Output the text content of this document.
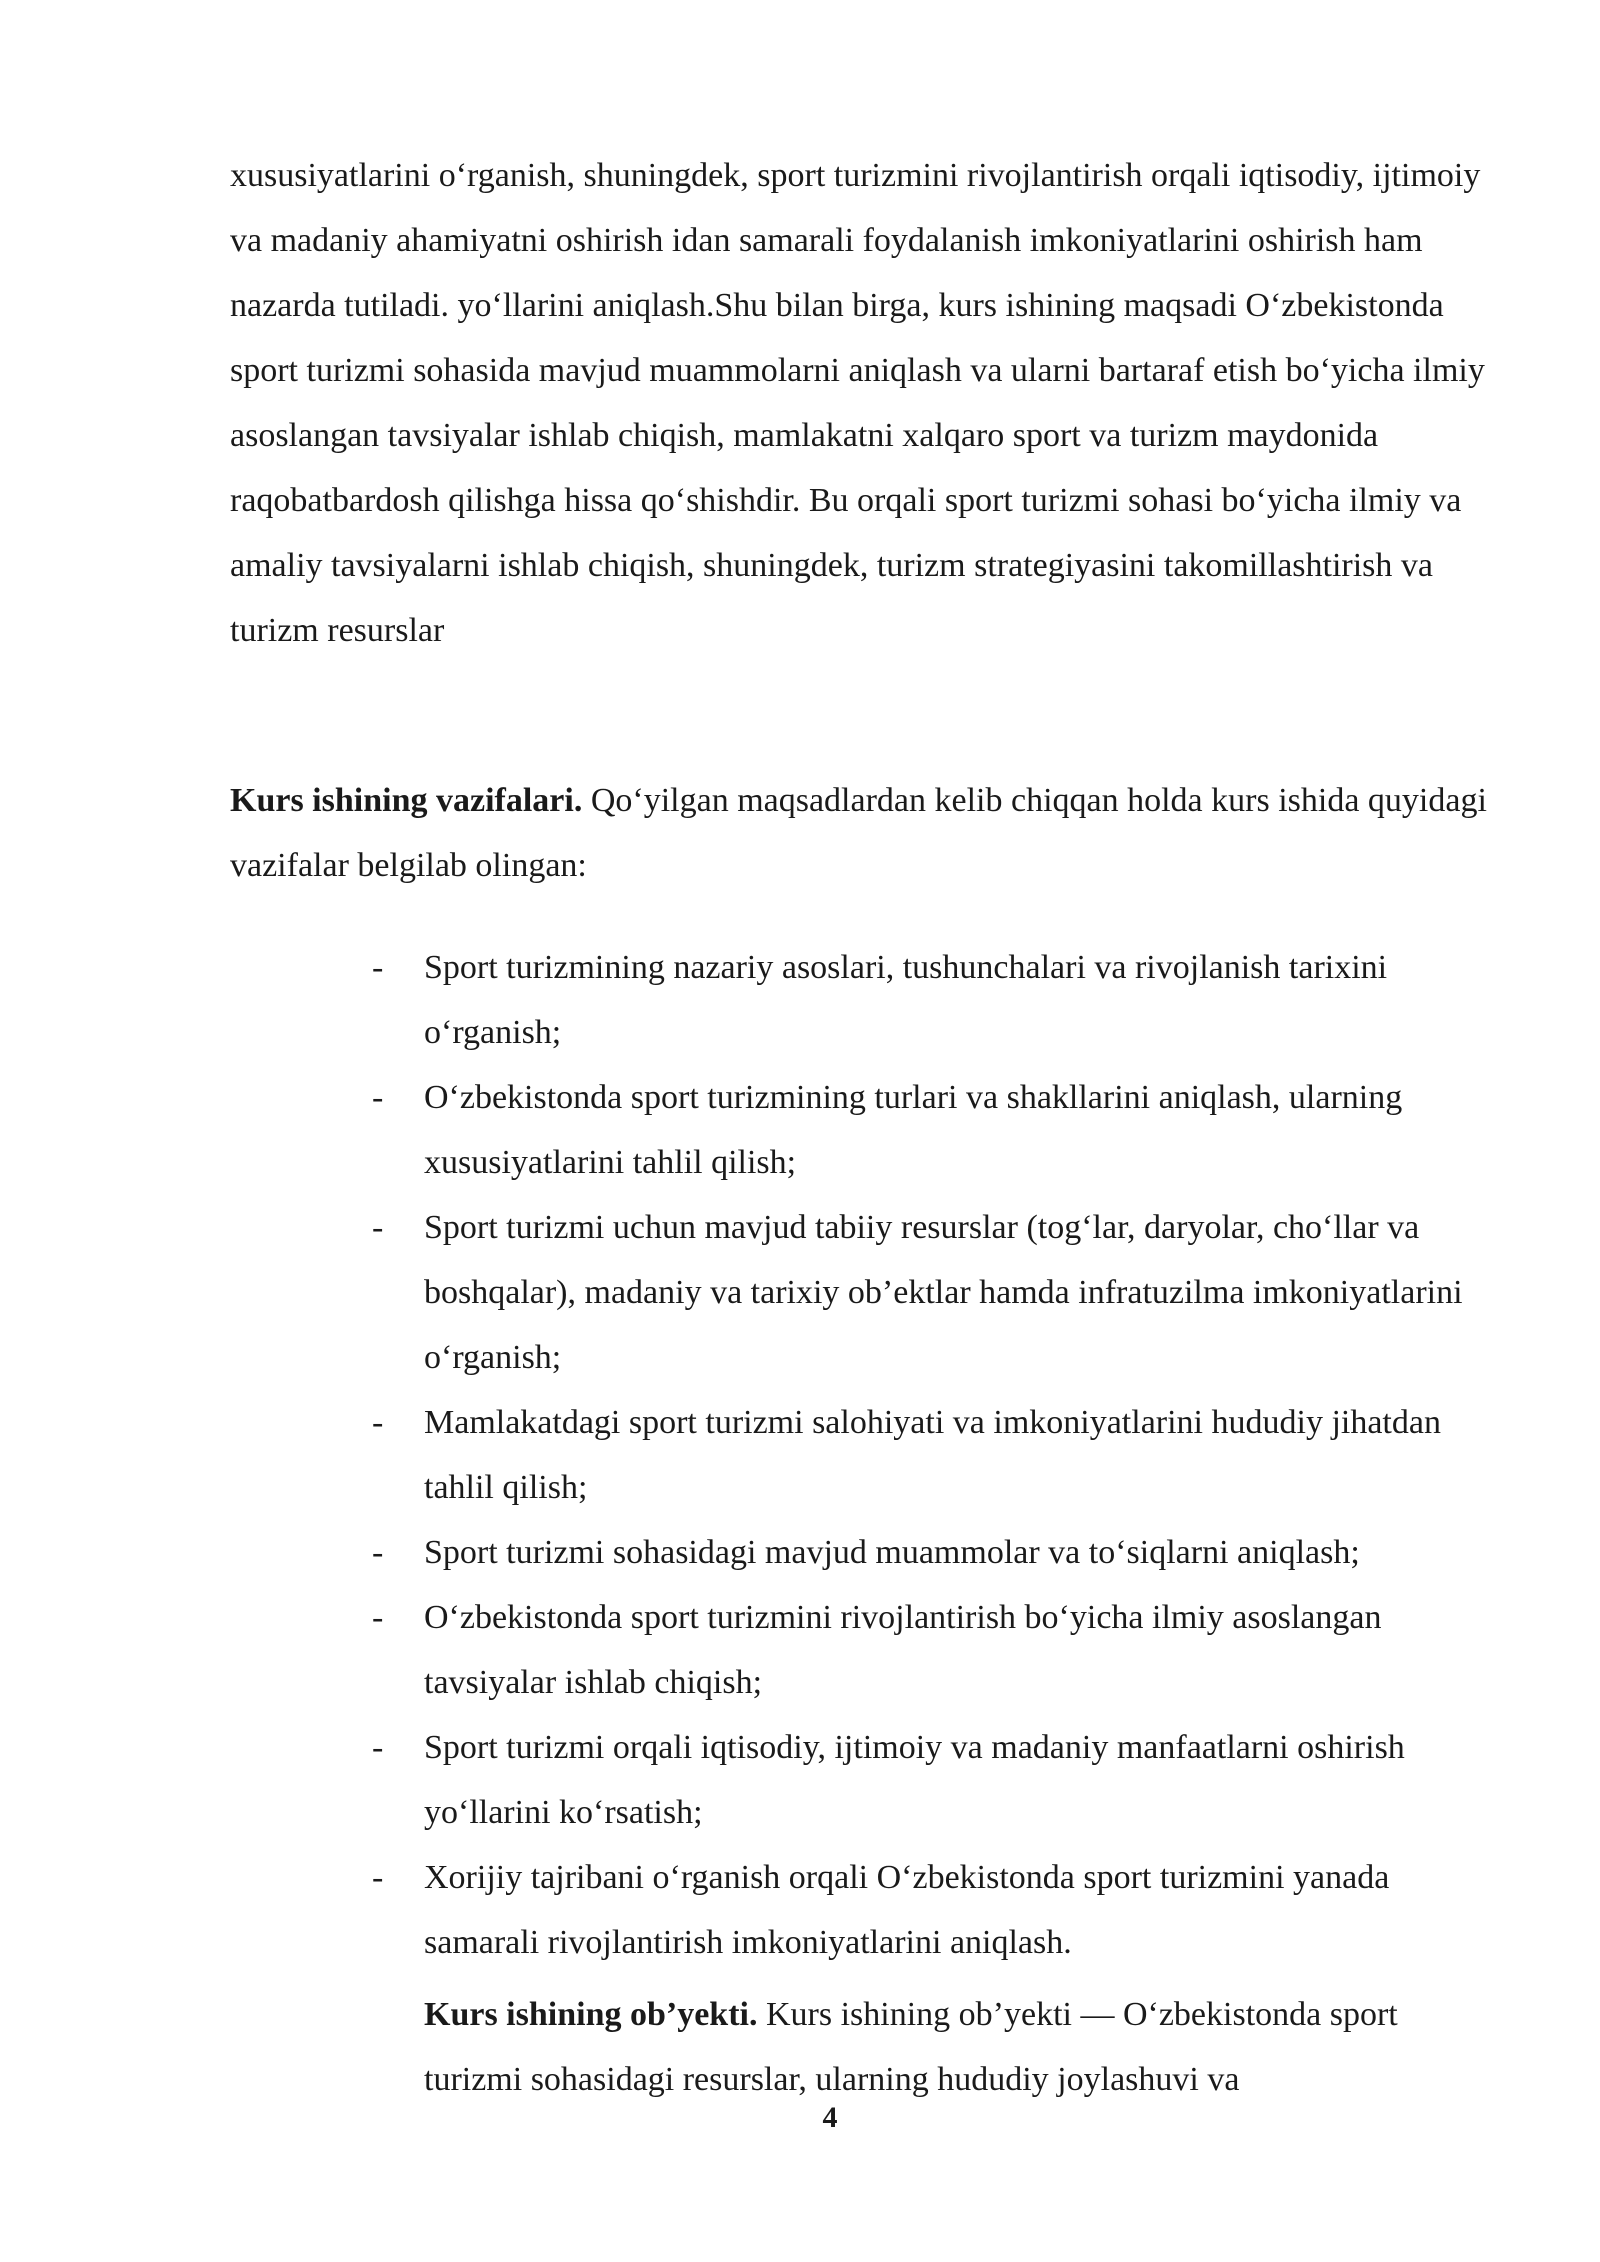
xususiyatlarini o‘rganish, shuningdek, sport turizmini rivojlantirish orqali iqtisodiy, ijtimoiy va madaniy ahamiyatni oshirish idan samarali foydalanish imkoniyatlarini oshirish ham nazarda tutiladi. yo‘llarini aniqlash.Shu bilan birga, kurs ishining maqsadi O‘zbekistonda sport turizmi sohasida mavjud muammolarni aniqlash va ularni bartaraf etish bo‘yicha ilmiy asoslangan tavsiyalar ishlab chiqish, mamlakatni xalqaro sport va turizm maydonida raqobatbardosh qilishga hissa qo‘shishdir. Bu orqali sport turizmi sohasi bo‘yicha ilmiy va amaliy tavsiyalarni ishlab chiqish, shuningdek, turizm strategiyasini takomillashtirish va turizm resurslar

Kurs ishining vazifalari. Qo‘yilgan maqsadlardan kelib chiqqan holda kurs ishida quyidagi vazifalar belgilab olingan:

- Sport turizmining nazariy asoslari, tushunchalari va rivojlanish tarixini o‘rganish;
- O‘zbekistonda sport turizmining turlari va shakllarini aniqlash, ularning xususiyatlarini tahlil qilish;
- Sport turizmi uchun mavjud tabiiy resurslar (tog‘lar, daryolar, cho‘llar va boshqalar), madaniy va tarixiy ob’ektlar hamda infratuzilma imkoniyatlarini o‘rganish;
- Mamlakatdagi sport turizmi salohiyati va imkoniyatlarini hududiy jihatdan tahlil qilish;
- Sport turizmi sohasidagi mavjud muammolar va to‘siqlarni aniqlash;
- O‘zbekistonda sport turizmini rivojlantirish bo‘yicha ilmiy asoslangan tavsiyalar ishlab chiqish;
- Sport turizmi orqali iqtisodiy, ijtimoiy va madaniy manfaatlarni oshirish yo‘llarini ko‘rsatish;
- Xorijiy tajribani o‘rganish orqali O‘zbekistonda sport turizmini yanada samarali rivojlantirish imkoniyatlarini aniqlash.

Kurs ishining ob’yekti. Kurs ishining ob’yekti — O‘zbekistonda sport turizmi sohasidagi resurslar, ularning hududiy joylashuvi va

4
